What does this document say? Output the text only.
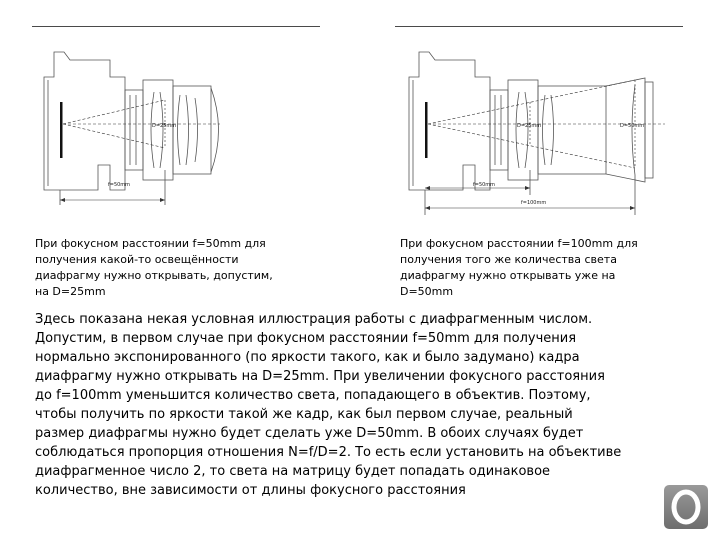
D=25mm
f=50mm
D=25mm	D=50mm
f=50mm
f=100mm
При фокусном расстоянии f=50mm для
получения какой-то освещённости
диафрагму нужно открывать, допустим,
на D=25mm
При фокусном расстоянии f=100mm для
получения того же количества света
диафрагму нужно открывать уже на
D=50mm
Здесь показана некая условная иллюстрация работы с диафрагменным числом.
Допустим, в первом случае при фокусном расстоянии f=50mm для получения
нормально экспонированного (по яркости такого, как и было задумано) кадра
диафрагму нужно открывать на D=25mm. При увеличении фокусного расстояния
до f=100mm уменьшится количество света, попадающего в объектив. Поэтому,
чтобы получить по яркости такой же кадр, как был первом случае, реальный
размер диафрагмы нужно будет сделать уже D=50mm. В обоих случаях будет
соблюдаться пропорция отношения N=f/D=2. То есть если установить на объективе
диафрагменное число 2, то света на матрицу будет попадать одинаковое
количество, вне зависимости от длины фокусного расстояния
